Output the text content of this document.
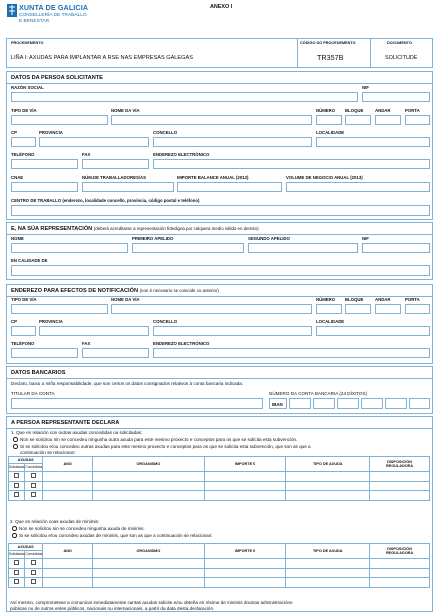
XUNTA DE GALICIA
CONSELLERÍA DE TRABALLO
E BENESTAR
ANEXO I
PROCEDEMENTO	CÓDIGO DO PROCEDEMENTO	DOCUMENTO
LIÑA I: AXUDAS PARA IMPLANTAR A RSE NAS EMPRESAS GALEGAS	TR357B	SOLICITUDE
DATOS DA PERSOA SOLICITANTE
RAZÓN SOCIAL	NIF
TIPO DE VÍA	NOME DA VÍA	NÚMERO BLOQUE	ANDAR	PORTA
CP	PROVINCIA	CONCELLO	LOCALIDADE
TELÉFONO	FAX	ENDEREZO ELECTRÓNICO
CNAE	NÚM.DE TRABALLADORES/AS	IMPORTE BALANCE ANUAL (2013)	VOLUME DE NEGOCIO ANUAL (2013)
CENTRO DE TRABALLO (enderezo, localidade concello, provincia, código postal e teléfono)
E, NA SÚA REPRESENTACIÓN (deberá acreditarse a representación fidedigna por calquera medio válido en dereito)
NOME	PRIMEIRO APELIDO	SEGUNDO APELIDO	NIF
EN CALIDADE DE
ENDEREZO PARA EFECTOS DE NOTIFICACIÓN (non é necesario se coincide co anterior)
TIPO DE VÍA	NOME DA VÍA	NÚMERO BLOQUE	ANDAR	PORTA
CP	PROVINCIA	CONCELLO	LOCALIDADE
TELÉFONO	FAX	ENDEREZO ELECTRÓNICO
DATOS BANCARIOS
Declaro, baixo a miña responsabilidade, que son certos os datos consignados relativos á conta bancaria indicada.
TITULAR DA CONTA	NÚMERO DA CONTA BANCARIA (24 DÍXITOS)
IBAN
A PERSOA REPRESENTANTE DECLARA
1. Que en relación con outras axudas concedidas ou solicitadas:
Non se solicitou nin se concedeu ningunha outra axuda para este mesmo proxecto e conceptos para os que se solicita esta subvención.
Si se solicitou e/ou concedeu outras axudas para este mesmo proxecto e conceptos para os que se solicita esta subvención, que son as que a
continuación se relacionan:
AXUDAS		ANO	ORGANISMO	IMPORTE €	TIPO DE AXUDA	DISPOSICIÓN
REGULADORA
Solicitadas	Concedidas					

2. Que en relación coas axudas de minimis:
Non se solicitou nin se concedeu ningunha axuda de minimis.
Si se solicitou e/ou concedeu axudas de minimis, que son as que a continuación se relacionan:
AXUDAS		ANO	ORGANISMO	IMPORTE €	TIPO DE AXUDA	DISPOSICIÓN
REGULADORA
Solicitadas	Concedidas					

Así mesmo, comprometese a comunicar inmediatamente cantas axudas solicite e/ou obteña en réxime de minimis doutras administracións
públicas ou de outros entes públicos, nacionais ou internacionais, a partir da data desta declaración.
